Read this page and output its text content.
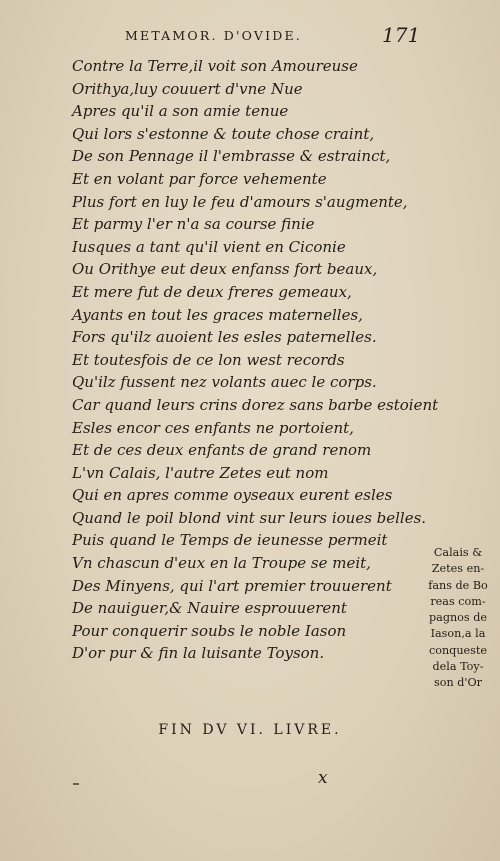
METAMOR. D'OVIDE.	171
Contre la Terre,il voit son Amoureuse
Orithya,luy couuert d'vne Nue
Apres qu'il a son amie tenue
Qui lors s'estonne & toute chose craint,
De son Pennage il l'embrasse & estrainct,
Et en volant par force vehemente
Plus fort en luy le feu d'amours s'augmente,
Et parmy l'er n'a sa course finie
Iusques a tant qu'il vient en Ciconie
Ou Orithye eut deux enfanss fort beaux,
Et mere fut de deux freres gemeaux,
Ayants en tout les graces maternelles,
Fors qu'ilz auoient les esles paternelles.
Et toutesfois de ce lon west records
Qu'ilz fussent nez volants auec le corps.
Car quand leurs crins dorez sans barbe estoient
Esles encor ces enfants ne portoient,
Et de ces deux enfants de grand renom
L'vn Calais, l'autre Zetes eut nom
Qui en apres comme oyseaux eurent esles
Quand le poil blond vint sur leurs ioues belles.
Puis quand le Temps de ieunesse permeit
Vn chascun d'eux en la Troupe se meit,
Des Minyens, qui l'art premier trouuerent
De nauiguer,& Nauire esprouuerent
Pour conquerir soubs le noble Iason
D'or pur & fin la luisante Toyson.
Calais &
Zetes en-
fans de Bo
reas com-
pagnos de
Iason,a la
conqueste
dela Toy-
son d'Or
FIN DV VI. LIVRE.
x
